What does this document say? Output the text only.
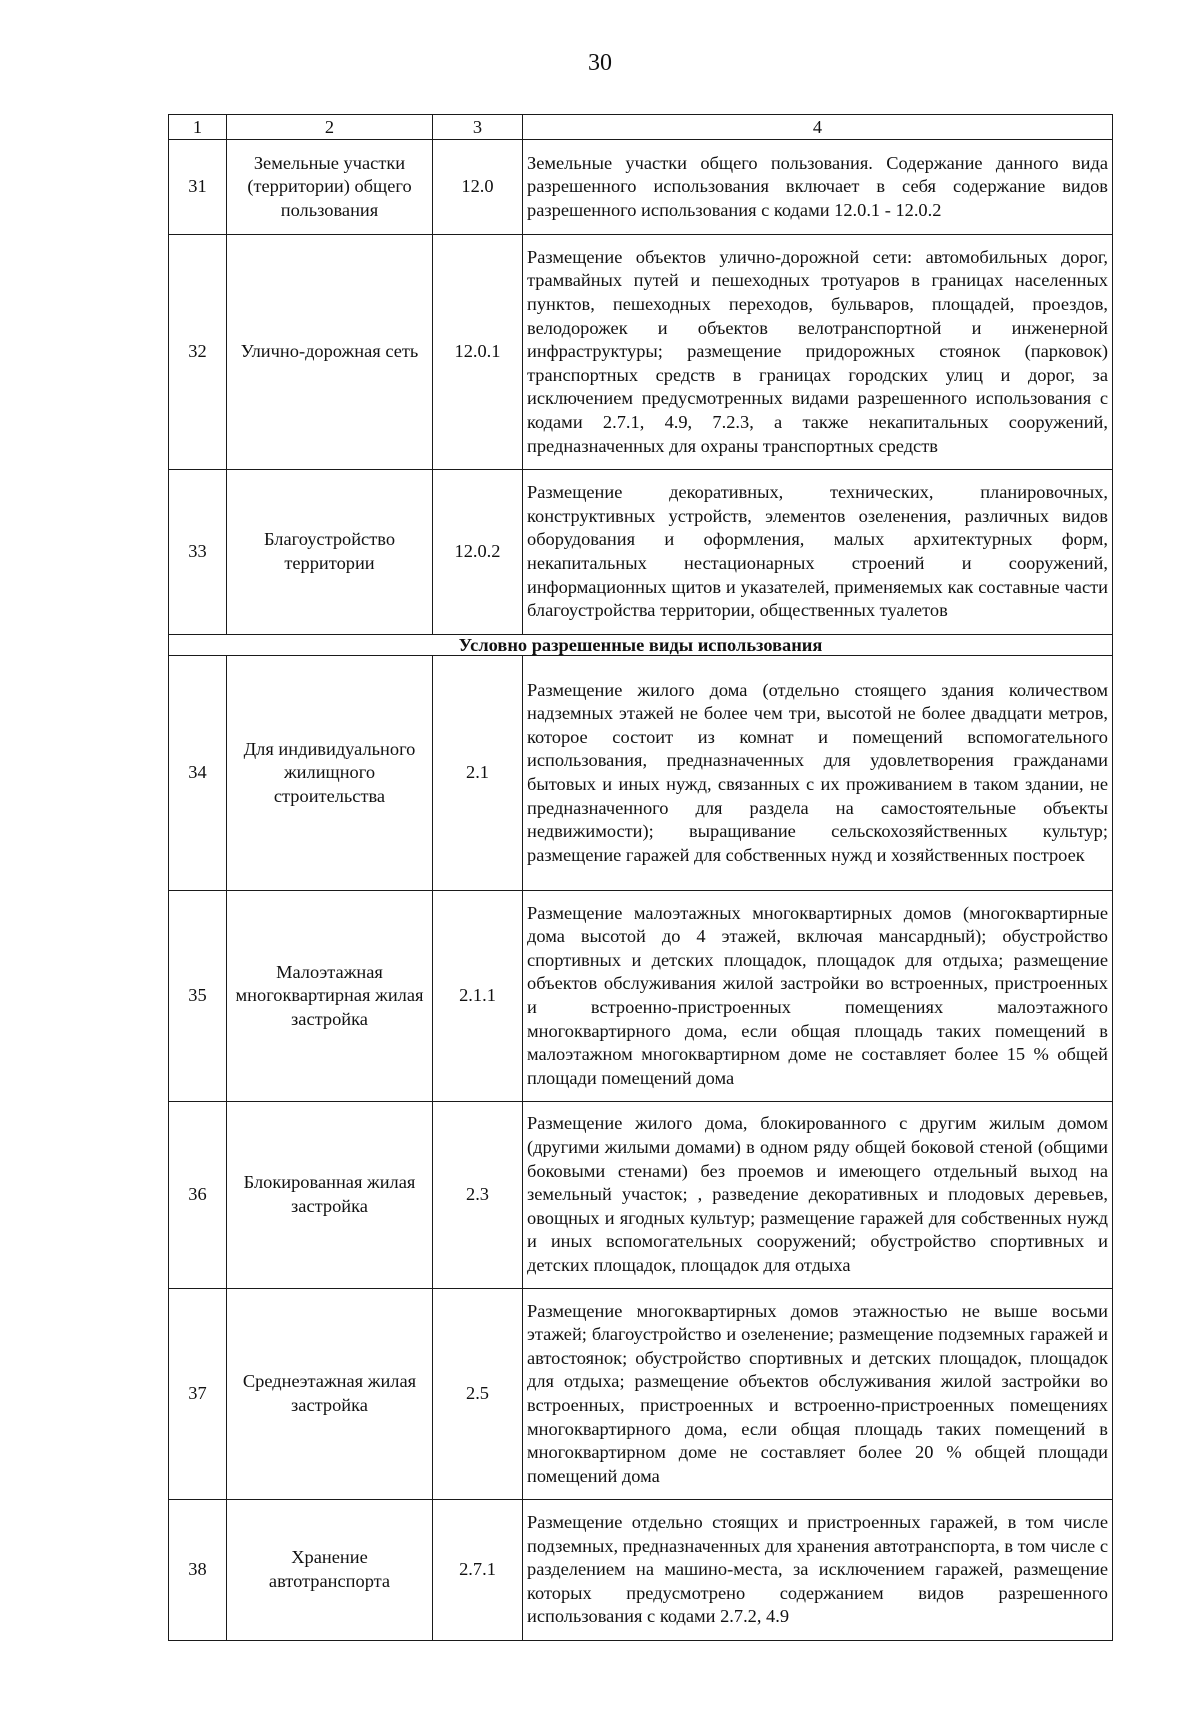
30
1	2	3	4
31	Земельные участки (территории) общего пользования	12.0	Земельные участки общего пользования. Содержание данного вида разрешенного использования включает в себя содержание видов разрешенного использования с кодами 12.0.1 - 12.0.2
32	Улично-дорожная сеть	12.0.1	Размещение объектов улично-дорожной сети: автомобильных дорог, трамвайных путей и пешеходных тротуаров в границах населенных пунктов, пешеходных переходов, бульваров, площадей, проездов, велодорожек и объектов велотранспортной и инженерной инфраструктуры; размещение придорожных стоянок (парковок) транспортных средств в границах городских улиц и дорог, за исключением предусмотренных видами разрешенного использования с кодами 2.7.1, 4.9, 7.2.3, а также некапитальных сооружений, предназначенных для охраны транспортных средств
33	Благоустройство территории	12.0.2	Размещение декоративных, технических, планировочных, конструктивных устройств, элементов озеленения, различных видов оборудования и оформления, малых архитектурных форм, некапитальных нестационарных строений и сооружений, информационных щитов и указателей, применяемых как составные части благоустройства территории, общественных туалетов
Условно разрешенные виды использования			
34	Для индивидуального жилищного строительства	2.1	Размещение жилого дома (отдельно стоящего здания количеством надземных этажей не более чем три, высотой не более двадцати метров, которое состоит из комнат и помещений вспомогательного использования, предназначенных для удовлетворения гражданами бытовых и иных нужд, связанных с их проживанием в таком здании, не предназначенного для раздела на самостоятельные объекты недвижимости); выращивание сельскохозяйственных культур; размещение гаражей для собственных нужд и хозяйственных построек
35	Малоэтажная многоквартирная жилая застройка	2.1.1	Размещение малоэтажных многоквартирных домов (многоквартирные дома высотой до 4 этажей, включая мансардный); обустройство спортивных и детских площадок, площадок для отдыха; размещение объектов обслуживания жилой застройки во встроенных, пристроенных и встроенно-пристроенных помещениях малоэтажного многоквартирного дома, если общая площадь таких помещений в малоэтажном многоквартирном доме не составляет более 15 % общей площади помещений дома
36	Блокированная жилая застройка	2.3	Размещение жилого дома, блокированного с другим жилым домом (другими жилыми домами) в одном ряду общей боковой стеной (общими боковыми стенами) без проемов и имеющего отдельный выход на земельный участок; , разведение декоративных и плодовых деревьев, овощных и ягодных культур; размещение гаражей для собственных нужд и иных вспомогательных сооружений; обустройство спортивных и детских площадок, площадок для отдыха
37	Среднеэтажная жилая застройка	2.5	Размещение многоквартирных домов этажностью не выше восьми этажей; благоустройство и озеленение; размещение подземных гаражей и автостоянок; обустройство спортивных и детских площадок, площадок для отдыха; размещение объектов обслуживания жилой застройки во встроенных, пристроенных и встроенно-пристроенных помещениях многоквартирного дома, если общая площадь таких помещений в многоквартирном доме не составляет более 20 % общей площади помещений дома
38	Хранение автотранспорта	2.7.1	Размещение отдельно стоящих и пристроенных гаражей, в том числе подземных, предназначенных для хранения автотранспорта, в том числе с разделением на машино-места, за исключением гаражей, размещение которых предусмотрено содержанием видов разрешенного использования с кодами 2.7.2, 4.9
